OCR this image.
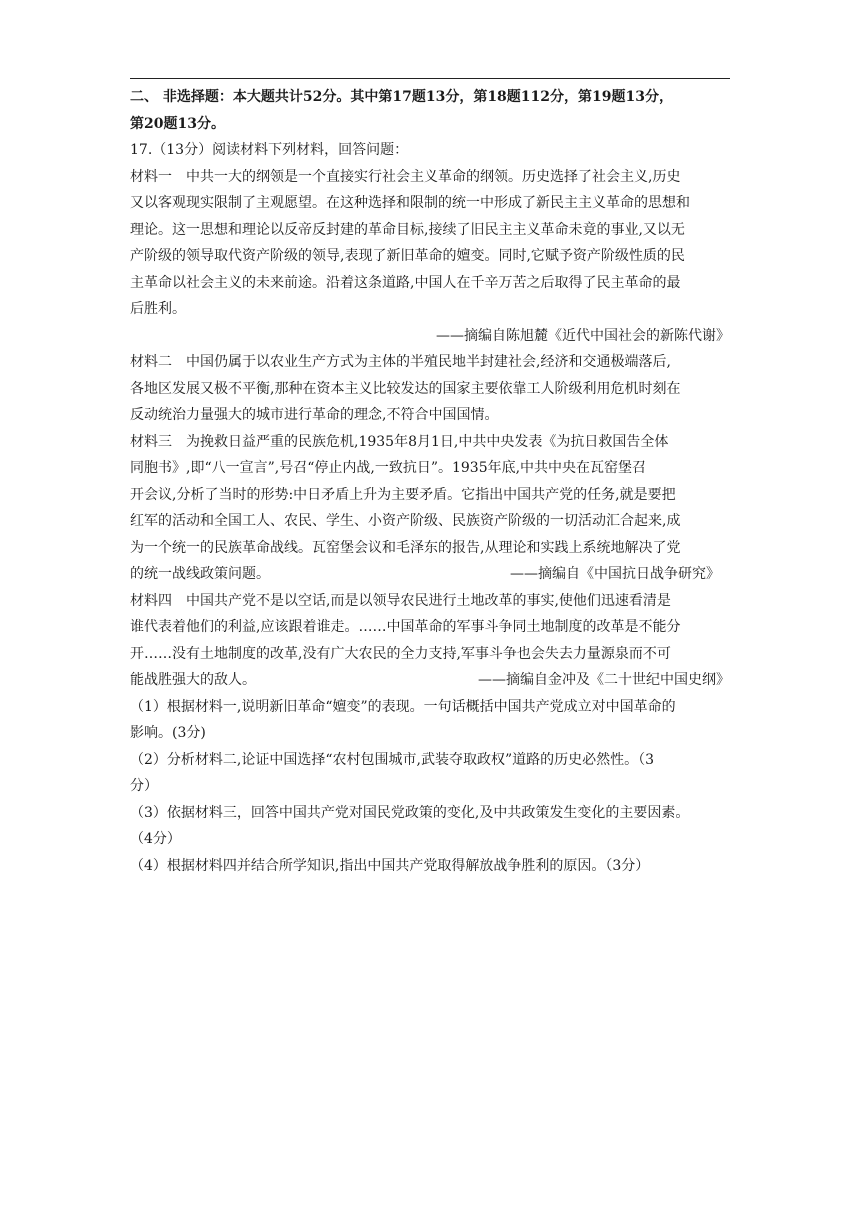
二、 非选择题：本大题共计52分。其中第17题13分，第18题112分，第19题13分，
第20题13分。
17.（13分）阅读材料下列材料，回答问题：
材料一　中共一大的纲领是一个直接实行社会主义革命的纲领。历史选择了社会主义,历史
又以客观现实限制了主观愿望。在这种选择和限制的统一中形成了新民主主义革命的思想和
理论。这一思想和理论以反帝反封建的革命目标,接续了旧民主主义革命未竟的事业,又以无
产阶级的领导取代资产阶级的领导,表现了新旧革命的嬗变。同时,它赋予资产阶级性质的民
主革命以社会主义的未来前途。沿着这条道路,中国人在千辛万苦之后取得了民主革命的最
后胜利。
——摘编自陈旭麓《近代中国社会的新陈代谢》
材料二　中国仍属于以农业生产方式为主体的半殖民地半封建社会,经济和交通极端落后,
各地区发展又极不平衡,那种在资本主义比较发达的国家主要依靠工人阶级利用危机时刻在
反动统治力量强大的城市进行革命的理念,不符合中国国情。
材料三　为挽救日益严重的民族危机,1935年8月1日,中共中央发表《为抗日救国告全体
同胞书》,即“八一宣言”,号召“停止内战,一致抗日”。1935年底,中共中央在瓦窑堡召
开会议,分析了当时的形势:中日矛盾上升为主要矛盾。它指出中国共产党的任务,就是要把
红军的活动和全国工人、农民、学生、小资产阶级、民族资产阶级的一切活动汇合起来,成
为一个统一的民族革命战线。瓦窑堡会议和毛泽东的报告,从理论和实践上系统地解决了党
的统一战线政策问题。	——摘编自《中国抗日战争研究》
材料四　中国共产党不是以空话,而是以领导农民进行土地改革的事实,使他们迅速看清是
谁代表着他们的利益,应该跟着谁走。……中国革命的军事斗争同土地制度的改革是不能分
开……没有土地制度的改革,没有广大农民的全力支持,军事斗争也会失去力量源泉而不可
能战胜强大的敌人。	——摘编自金冲及《二十世纪中国史纲》
（1）根据材料一,说明新旧革命“嬗变”的表现。一句话概括中国共产党成立对中国革命的
影响。(3分)
（2）分析材料二,论证中国选择“农村包围城市,武装夺取政权”道路的历史必然性。（3
分）
（3）依据材料三，回答中国共产党对国民党政策的变化,及中共政策发生变化的主要因素。
（4分）
（4）根据材料四并结合所学知识,指出中国共产党取得解放战争胜利的原因。（3分）
